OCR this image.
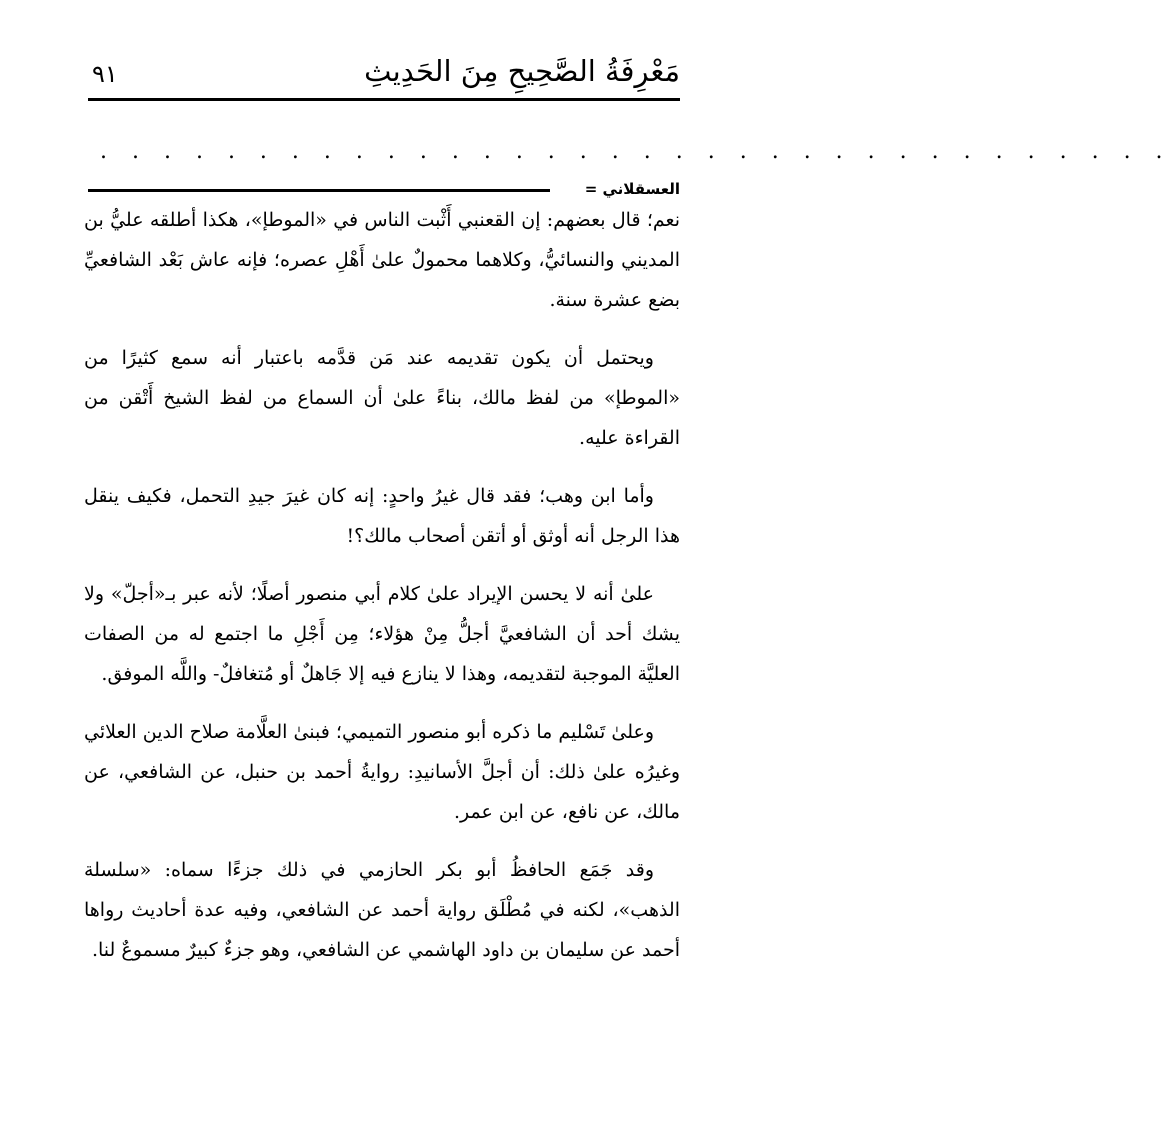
مَعْرِفَةُ الصَّحِيحِ مِنَ الحَدِيثِ
٩١
. . . . . . . . . . . . . . . . . . . . . . . . . . . . . . . . . .
العسقلاني =

نعم؛ قال بعضهم: إن القعنبي أَثْبت الناس في «الموطإ»، هكذا أطلقه عليُّ بن المديني والنسائيُّ، وكلاهما محمولٌ علىٰ أَهْلِ عصره؛ فإنه عاش بَعْد الشافعيِّ بضع عشرة سنة.

ويحتمل أن يكون تقديمه عند مَن قدَّمه باعتبار أنه سمع كثيرًا من «الموطإ» من لفظ مالك، بناءً علىٰ أن السماع من لفظ الشيخ أَتْقن من القراءة عليه.

وأما ابن وهب؛ فقد قال غيرُ واحدٍ: إنه كان غيرَ جيدِ التحمل، فكيف ينقل هذا الرجل أنه أوثق أو أتقن أصحاب مالك؟!

علىٰ أنه لا يحسن الإيراد علىٰ كلام أبي منصور أصلًا؛ لأنه عبر بـ«أجلّ» ولا يشك أحد أن الشافعيَّ أجلُّ مِنْ هؤلاء؛ مِن أَجْلِ ما اجتمع له من الصفات العليَّة الموجبة لتقديمه، وهذا لا ينازع فيه إلا جَاهلٌ أو مُتغافلٌ- واللَّه الموفق.

وعلىٰ تَسْليم ما ذكره أبو منصور التميمي؛ فبنىٰ العلَّامة صلاح الدين العلائي وغيرُه علىٰ ذلك: أن أجلَّ الأسانيدِ: روايةُ أحمد بن حنبل، عن الشافعي، عن مالك، عن نافع، عن ابن عمر.

وقد جَمَع الحافظُ أبو بكر الحازمي في ذلك جزءًا سماه: «سلسلة الذهب»، لكنه في مُطْلَق رواية أحمد عن الشافعي، وفيه عدة أحاديث رواها أحمد عن سليمان بن داود الهاشمي عن الشافعي، وهو جزءٌ كبيرٌ مسموعٌ لنا.
